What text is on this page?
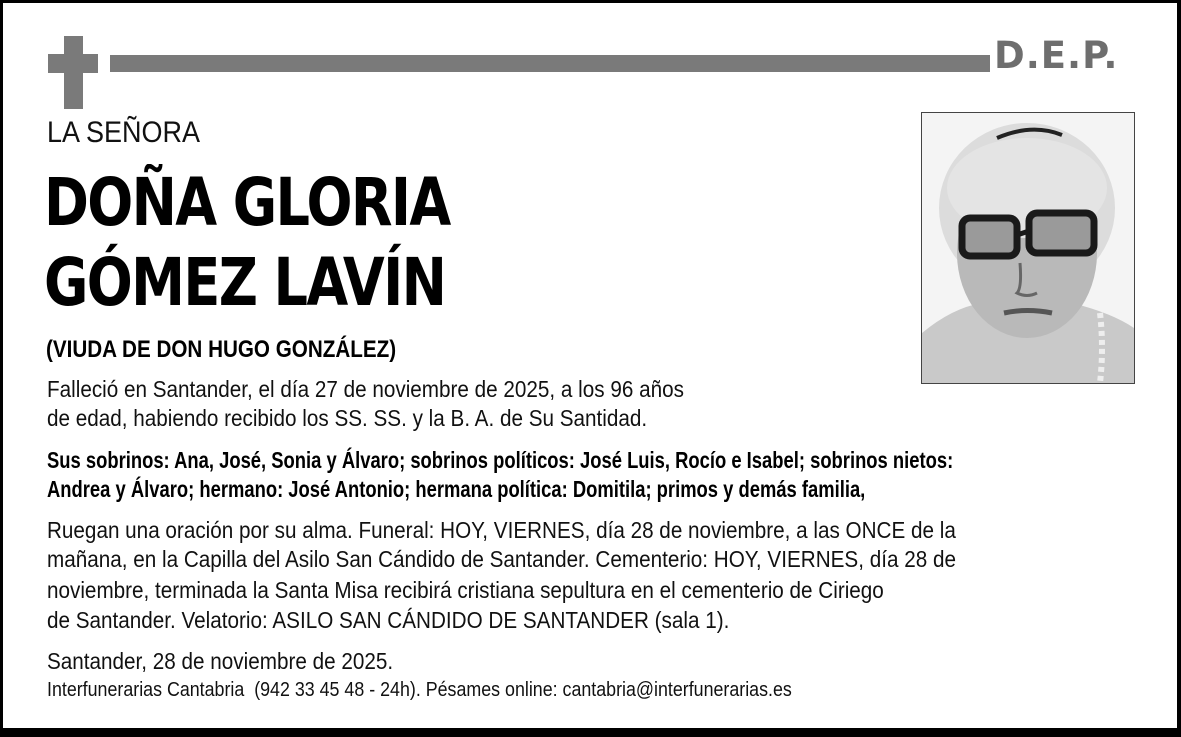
D.E.P.
LA SEÑORA
DOÑA GLORIA
GÓMEZ LAVÍN
(VIUDA DE DON HUGO GONZÁLEZ)
Falleció en Santander, el día 27 de noviembre de 2025, a los 96 años
de edad, habiendo recibido los SS. SS. y la B. A. de Su Santidad.
Sus sobrinos: Ana, José, Sonia y Álvaro; sobrinos políticos: José Luis, Rocío e Isabel; sobrinos nietos:
Andrea y Álvaro; hermano: José Antonio; hermana política: Domitila; primos y demás familia,
Ruegan una oración por su alma. Funeral: HOY, VIERNES, día 28 de noviembre, a las ONCE de la
mañana, en la Capilla del Asilo San Cándido de Santander. Cementerio: HOY, VIERNES, día 28 de
noviembre, terminada la Santa Misa recibirá cristiana sepultura en el cementerio de Ciriego
de Santander. Velatorio: ASILO SAN CÁNDIDO DE SANTANDER (sala 1).
Santander, 28 de noviembre de 2025.
Interfunerarias Cantabria  (942 33 45 48 - 24h). Pésames online: cantabria@interfunerarias.es
